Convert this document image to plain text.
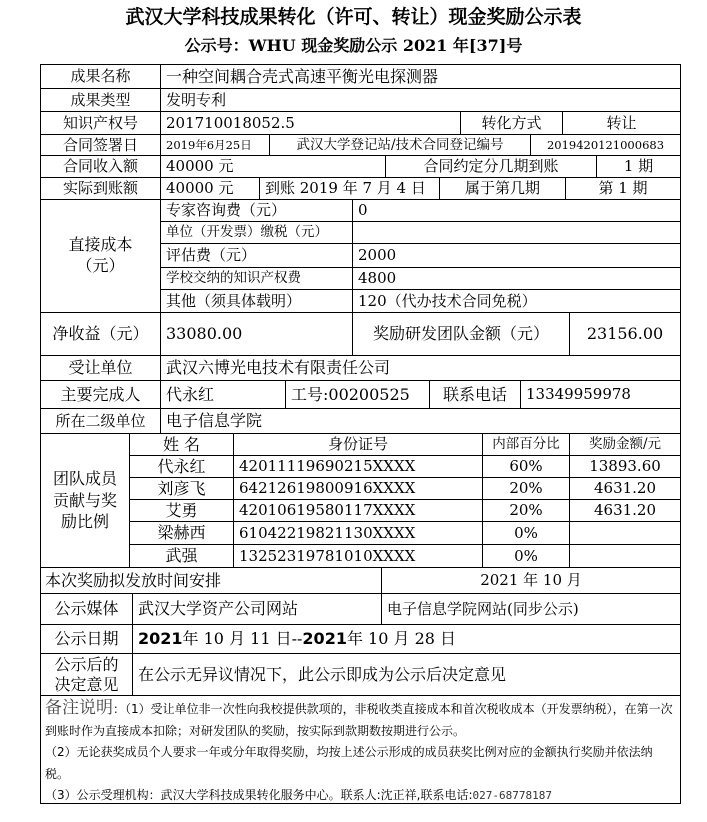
武汉大学科技成果转化（许可、转让）现金奖励公示表
公示号：WHU 现金奖励公示 2021 年[37]号
成果名称	一种空间耦合壳式高速平衡光电探测器
成果类型	发明专利
知识产权号	201710018052.5	转化方式	转让
合同签署日	2019年6月25日	武汉大学登记站/技术合同登记编号	2019420121000683
合同收入额	40000 元	合同约定分几期到账	1 期
实际到账额	40000 元	到账 2019 年 7 月 4 日	属于第几期	第 1 期
直接成本（元）
专家咨询费（元）	0
单位（开发票）缴税（元）
评估费（元）	2000
学校交纳的知识产权费	4800
其他（须具体载明）	120（代办技术合同免税）
净收益（元）	33080.00	奖励研发团队金额（元）	23156.00
受让单位	武汉六博光电技术有限责任公司
主要完成人	代永红	工号:00200525	联系电话	13349959978
所在二级单位	电子信息学院
团队成员贡献与奖励比例
姓 名	身份证号	内部百分比	奖励金额/元
代永红	42011119690215XXXX	60%	13893.60
刘彦飞	64212619800916XXXX	20%	4631.20
艾勇	42010619580117XXXX	20%	4631.20
梁赫西	61042219821130XXXX	0%
武强	13252319781010XXXX	0%
本次奖励拟发放时间安排	2021 年 10 月
公示媒体	武汉大学资产公司网站	电子信息学院网站(同步公示)
公示日期	2021 年 10 月 11 日-- 2021 年 10 月 28 日
公示后的决定意见
在公示无异议情况下，此公示即成为公示后决定意见

备注说明：（1）受让单位非一次性向我校提供款项的，非税收类直接成本和首次税收成本（开发票纳税），在第一次到账时作为直接成本扣除；对研发团队的奖励，按实际到款期数按期进行公示。

（2）无论获奖成员个人要求一年或分年取得奖励，均按上述公示形成的成员获奖比例对应的金额执行奖励并依法纳税。

（3）公示受理机构：武汉大学科技成果转化服务中心。联系人:沈正祥,联系电话:027-68778187
